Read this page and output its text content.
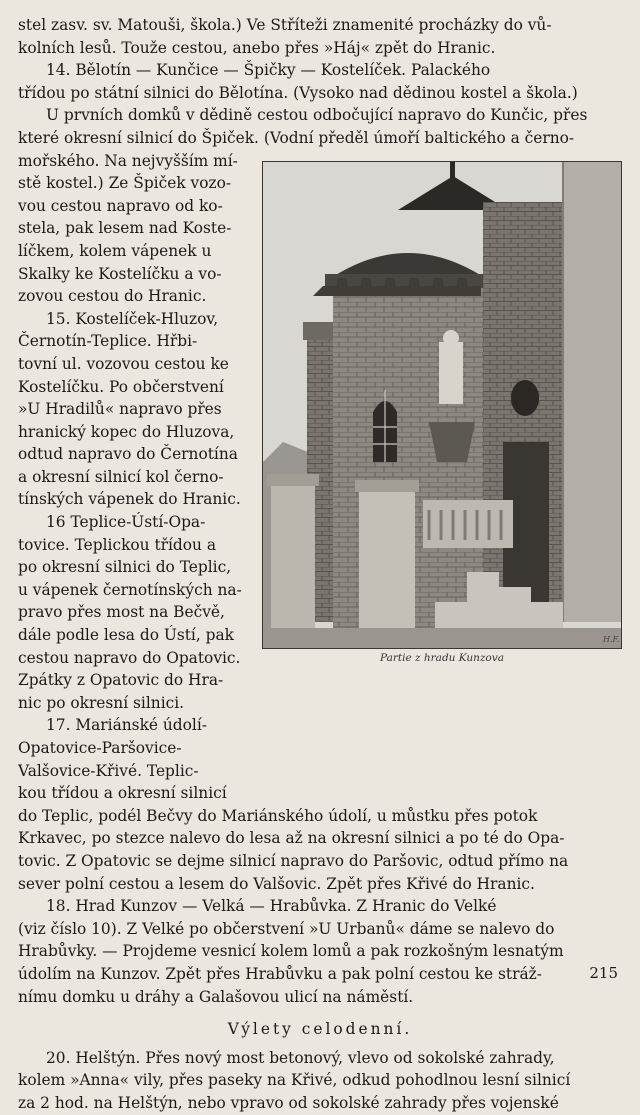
stel zasv. sv. Matouši, škola.) Ve Stříteži znamenité procházky do vů-
kolních lesů. Touže cestou, anebo přes »Háj« zpět do Hranic.
14. Bělotín — Kunčice — Špičky — Kostelíček. Palackého
třídou po státní silnici do Bělotína. (Vysoko nad dědinou kostel a škola.)
U prvních domků v dědině cestou odbočující napravo do Kunčic, přes
které okresní silnicí do Špiček. (Vodní předěl úmoří baltického a černo-
mořského. Na nejvyšším mí-
stě kostel.) Ze Špiček vozo-
vou cestou napravo od ko-
stela, pak lesem nad Koste-
líčkem, kolem vápenek u
Skalky ke Kostelíčku a vo-
zovou cestou do Hranic.
15. Kostelíček-Hluzov,
Černotín-Teplice. Hřbi-
tovní ul. vozovou cestou ke
Kostelíčku. Po občerstvení
»U Hradilů« napravo přes
hranický kopec do Hluzova,
odtud napravo do Černotína
a okresní silnicí kol černo-
tínských vápenek do Hranic.
16 Teplice-Ústí-Opa-
tovice. Teplickou třídou a
po okresní silnici do Teplic,
u vápenek černotínských na-
pravo přes most na Bečvě,
dále podle lesa do Ústí, pak
cestou napravo do Opatovic.
Zpátky z Opatovic do Hra-
nic po okresní silnici.
17. Mariánské údolí-
Opatovice-Paršovice-
Valšovice-Křivé. Teplic-
kou třídou a okresní silnicí
do Teplic, podél Bečvy do Mariánského údolí, u můstku přes potok
Krkavec, po stezce nalevo do lesa až na okresní silnici a po té do Opa-
tovic. Z Opatovic se dejme silnicí napravo do Paršovic, odtud přímo na
sever polní cestou a lesem do Valšovic. Zpět přes Křivé do Hranic.
18. Hrad Kunzov — Velká — Hrabůvka. Z Hranic do Velké
(viz číslo 10). Z Velké po občerstvení »U Urbanů« dáme se nalevo do
Hrabůvky. — Projdeme vesnicí kolem lomů a pak rozkošným lesnatým
údolím na Kunzov. Zpět přes Hrabůvku a pak polní cestou ke stráž-
nímu domku u dráhy a Galašovou ulicí na náměstí.
Výlety celodenní.
20. Helštýn. Přes nový most betonový, vlevo od sokolské zahrady,
kolem »Anna« vily, přes paseky na Křivé, odkud pohodlnou lesní silnicí
za 2 hod. na Helštýn, nebo vpravo od sokolské zahrady přes vojenské
H.F.
Partie z hradu Kunzova
215
